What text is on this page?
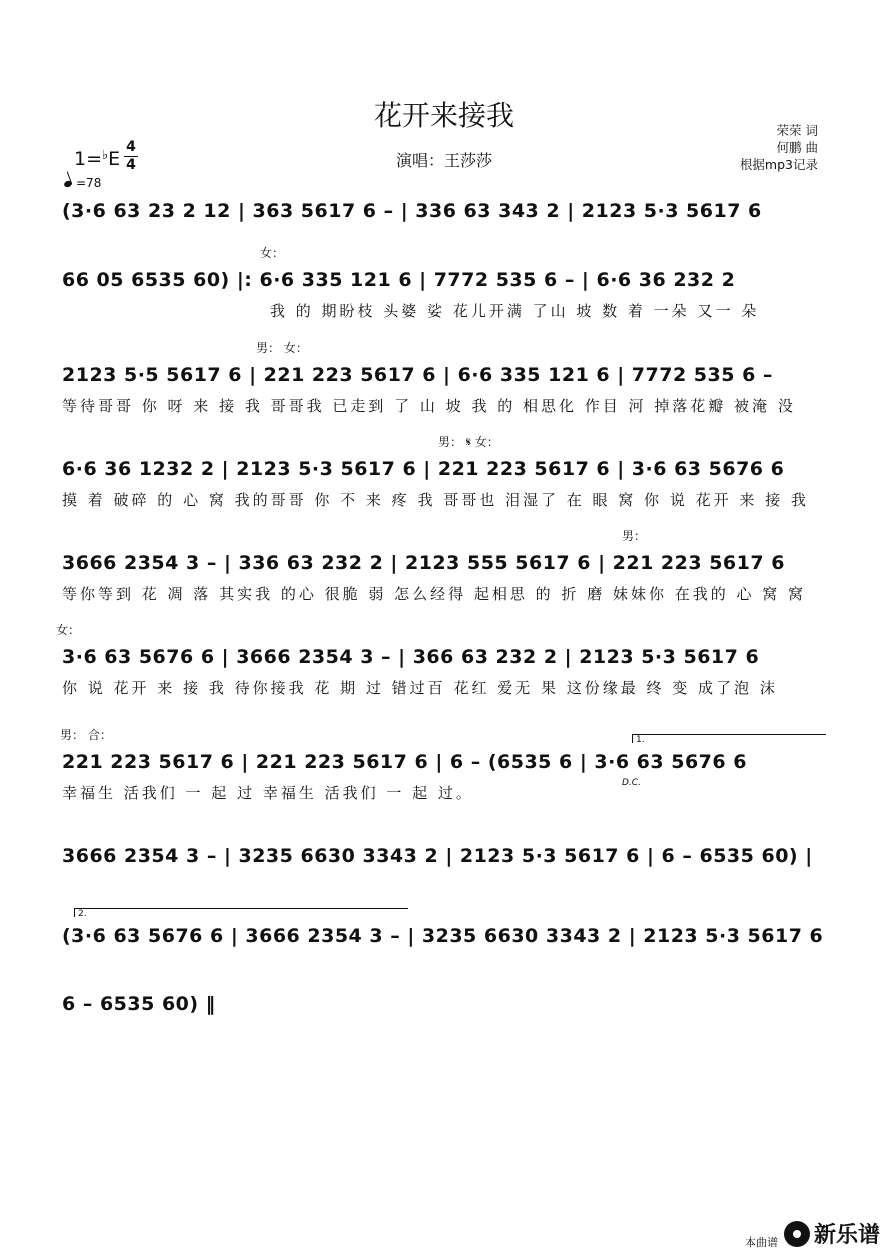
花开来接我
1=♭E
4
4
=78
演唱：王莎莎
荣荣 词
何鹏 曲
根据mp3记录
(3·6 63 23 2 12 | 363 5617 6 – | 336 63 343 2 | 2123 5·3 5617 6
女：
66 05 6535 60) |: 6·6 335 121 6 | 7772 535 6 – | 6·6 36 232 2
我 的 期盼枝 头婆 娑 花儿开满 了山 坡 数 着 一朵 又一 朵
男： 女：
2123 5·5 5617 6 | 221 223 5617 6 | 6·6 335 121 6 | 7772 535 6 –
等待哥哥 你 呀 来 接 我 哥哥我 已走到 了 山 坡 我 的 相思化 作目 河 掉落花瓣 被淹 没
男： 𝄋 女：
6·6 36 1232 2 | 2123 5·3 5617 6 | 221 223 5617 6 | 3·6 63 5676 6
摸 着 破碎 的 心 窝 我的哥哥 你 不 来 疼 我 哥哥也 泪湿了 在 眼 窝 你 说 花开 来 接 我
男：
3666 2354 3 – | 336 63 232 2 | 2123 555 5617 6 | 221 223 5617 6
等你等到 花 凋 落 其实我 的心 很脆 弱 怎么经得 起相思 的 折 磨 妹妹你 在我的 心 窝 窝
女：
3·6 63 5676 6 | 3666 2354 3 – | 366 63 232 2 | 2123 5·3 5617 6
你 说 花开 来 接 我 待你接我 花 期 过 错过百 花红 爱无 果 这份缘最 终 变 成了泡 沫
男： 合：
221 223 5617 6 | 221 223 5617 6 | 6 – (6535 6 | 3·6 63 5676 6
幸福生 活我们 一 起 过 幸福生 活我们 一 起 过。
D.C.
1.
3666 2354 3 – | 3235 6630 3343 2 | 2123 5·3 5617 6 | 6 – 6535 60) |
2.
(3·6 63 5676 6 | 3666 2354 3 – | 3235 6630 3343 2 | 2123 5·3 5617 6
6 – 6535 60) ‖
本曲谱 新乐谱
